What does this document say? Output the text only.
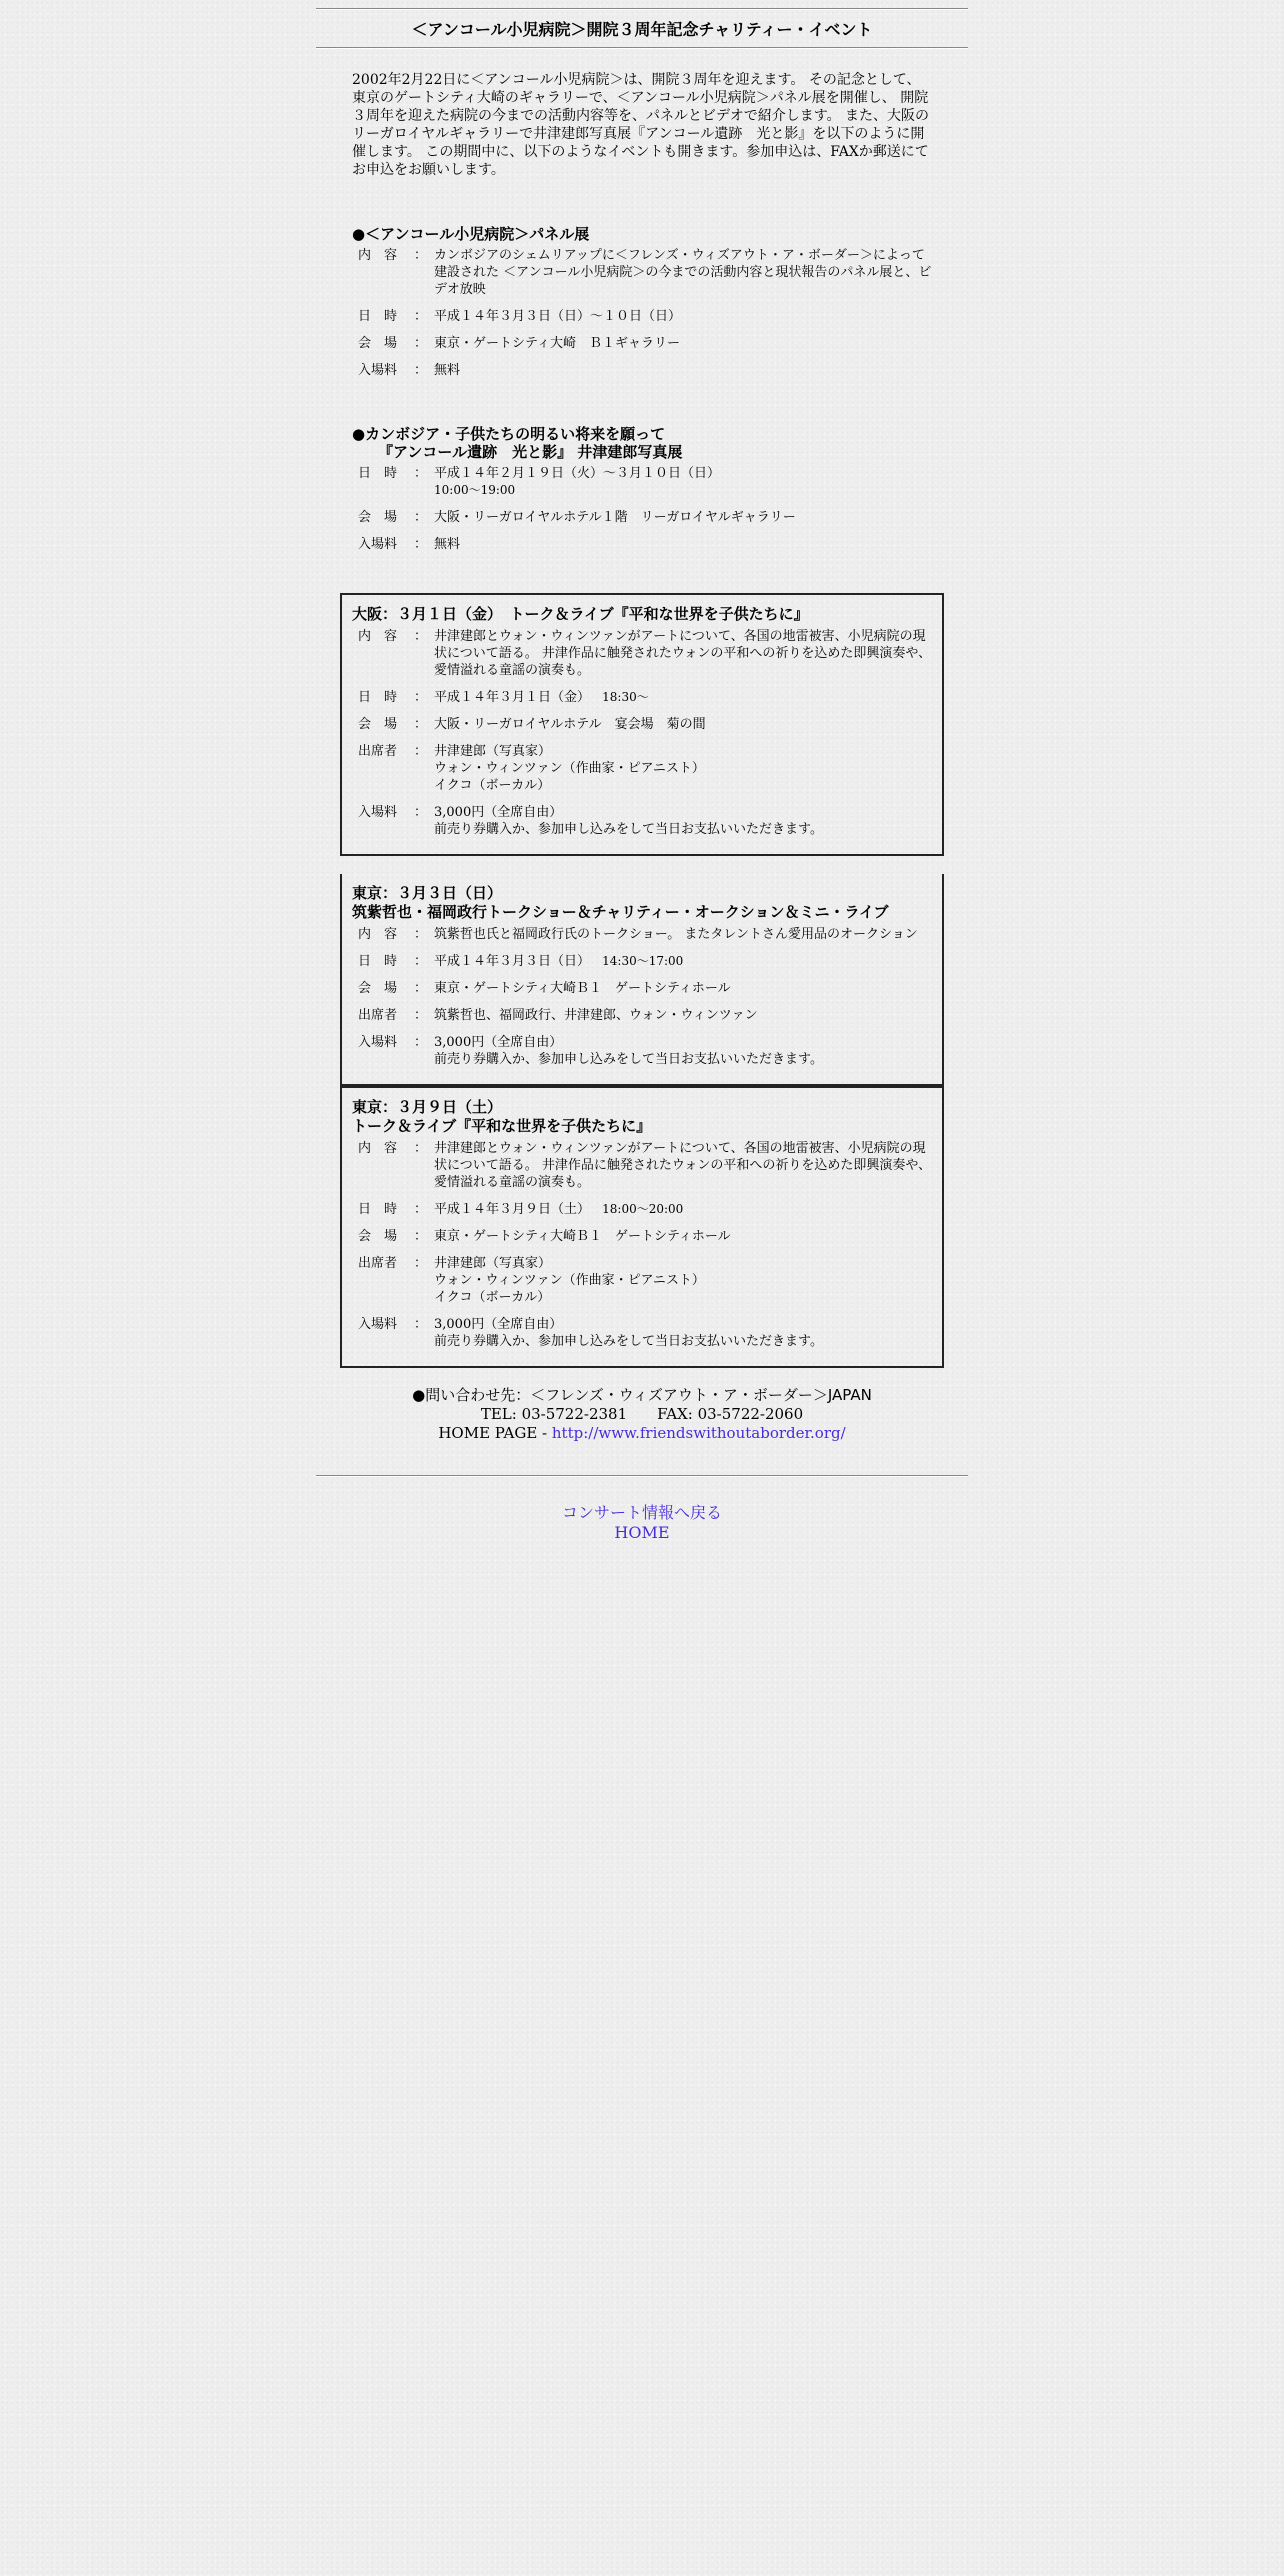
＜アンコール小児病院＞開院３周年記念チャリティー・イベント
2002年2月22日に＜アンコール小児病院＞は、開院３周年を迎えます。 その記念として、東京のゲートシティ大崎のギャラリーで、＜アンコール小児病院＞パネル展を開催し、 開院３周年を迎えた病院の今までの活動内容等を、パネルとビデオで紹介します。 また、大阪のリーガロイヤルギャラリーで井津建郎写真展『アンコール遺跡　光と影』を以下のように開催します。 この期間中に、以下のようなイベントも開きます。参加申込は、FAXか郵送にてお申込をお願いします。
●＜アンコール小児病院＞パネル展
内　容	：	カンボジアのシェムリアップに＜フレンズ・ウィズアウト・ア・ボーダー＞によって建設された ＜アンコール小児病院＞の今までの活動内容と現状報告のパネル展と、ビデオ放映
日　時	：	平成１４年３月３日（日）～１０日（日）
会　場	：	東京・ゲートシティ大崎　Ｂ１ギャラリー
入場料	：	無料
●カンボジア・子供たちの明るい将来を願って
『アンコール遺跡　光と影』 井津建郎写真展
日　時	：	平成１４年２月１９日（火）～３月１０日（日）
10:00～19:00

会　場	：	大阪・リーガロイヤルホテル１階　リーガロイヤルギャラリー
入場料	：	無料
大阪：３月１日（金）　トーク＆ライブ『平和な世界を子供たちに』
内　容	：	井津建郎とウォン・ウィンツァンがアートについて、各国の地雷被害、小児病院の現状について語る。 井津作品に触発されたウォンの平和への祈りを込めた即興演奏や、愛情溢れる童謡の演奏も。
日　時	：	平成１４年３月１日（金） 18:30～
会　場	：	大阪・リーガロイヤルホテル　宴会場　菊の間
出席者	：	井津建郎（写真家）
ウォン・ウィンツァン（作曲家・ピアニスト）
イクコ（ボーカル）

入場料	：	3,000円（全席自由）
前売り券購入か、参加申し込みをして当日お支払いいただきます。
東京：３月３日（日）
筑紫哲也・福岡政行トークショー＆チャリティー・オークション＆ミニ・ライブ
内　容	：	筑紫哲也氏と福岡政行氏のトークショー。 またタレントさん愛用品のオークション
日　時	：	平成１４年３月３日（日） 14:30～17:00
会　場	：	東京・ゲートシティ大崎Ｂ１　ゲートシティホール
出席者	：	筑紫哲也、福岡政行、井津建郎、ウォン・ウィンツァン
入場料	：	3,000円（全席自由）
前売り券購入か、参加申し込みをして当日お支払いいただきます。
東京：３月９日（土）
トーク＆ライブ『平和な世界を子供たちに』
内　容	：	井津建郎とウォン・ウィンツァンがアートについて、各国の地雷被害、小児病院の現状について語る。 井津作品に触発されたウォンの平和への祈りを込めた即興演奏や、愛情溢れる童謡の演奏も。
日　時	：	平成１４年３月９日（土） 18:00～20:00
会　場	：	東京・ゲートシティ大崎Ｂ１　ゲートシティホール
出席者	：	井津建郎（写真家）
ウォン・ウィンツァン（作曲家・ピアニスト）
イクコ（ボーカル）

入場料	：	3,000円（全席自由）
前売り券購入か、参加申し込みをして当日お支払いいただきます。
●問い合わせ先：＜フレンズ・ウィズアウト・ア・ボーダー＞JAPAN
TEL: 03-5722-2381　　FAX: 03-5722-2060
HOME PAGE - http://www.friendswithoutaborder.org/
コンサート情報へ戻る
HOME
